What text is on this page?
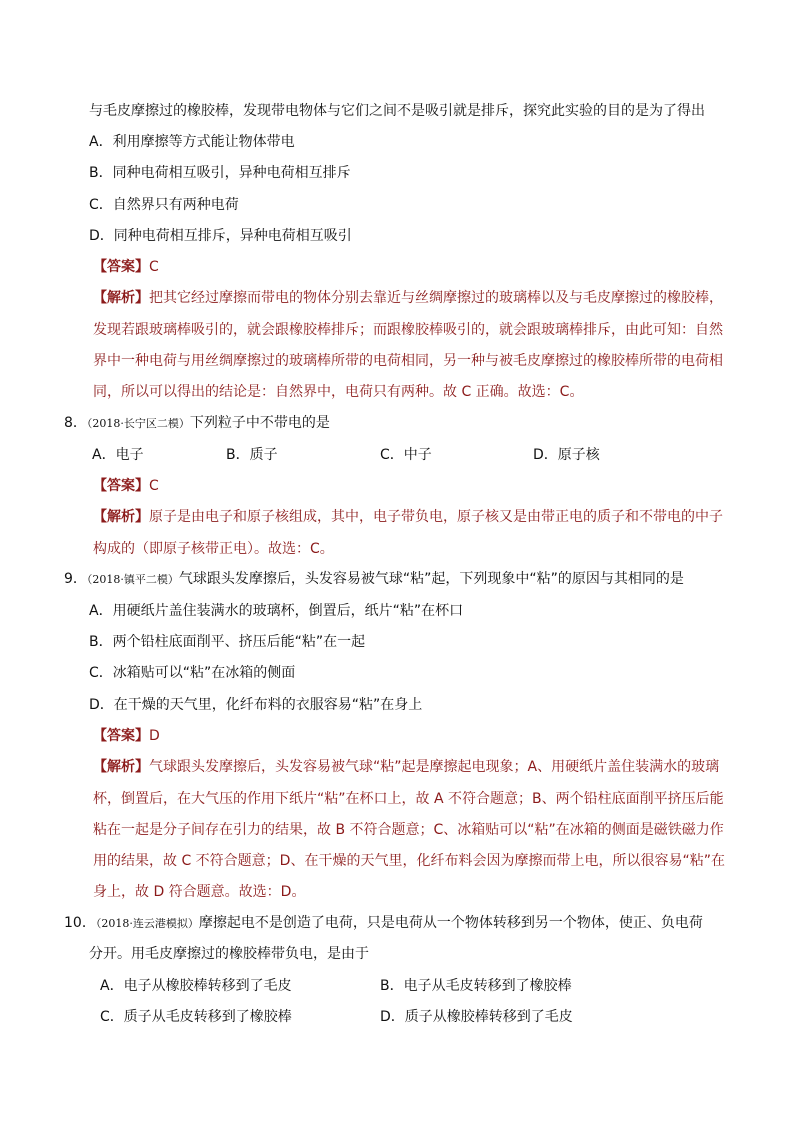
与毛皮摩擦过的橡胶棒，发现带电物体与它们之间不是吸引就是排斥，探究此实验的目的是为了得出
A．利用摩擦等方式能让物体带电
B．同种电荷相互吸引，异种电荷相互排斥
C．自然界只有两种电荷
D．同种电荷相互排斥，异种电荷相互吸引
【答案】C
【解析】把其它经过摩擦而带电的物体分别去靠近与丝绸摩擦过的玻璃棒以及与毛皮摩擦过的橡胶棒，
发现若跟玻璃棒吸引的，就会跟橡胶棒排斥；而跟橡胶棒吸引的，就会跟玻璃棒排斥，由此可知：自然
界中一种电荷与用丝绸摩擦过的玻璃棒所带的电荷相同，另一种与被毛皮摩擦过的橡胶棒所带的电荷相
同，所以可以得出的结论是：自然界中，电荷只有两种。故 C 正确。故选：C。
8．（2018·长宁区二模）下列粒子中不带电的是
A．电子	B．质子	C．中子	D．原子核
【答案】C
【解析】原子是由电子和原子核组成，其中，电子带负电，原子核又是由带正电的质子和不带电的中子
构成的（即原子核带正电）。故选：C。
9．（2018·镇平二模）气球跟头发摩擦后，头发容易被气球“粘”起，下列现象中“粘”的原因与其相同的是
A．用硬纸片盖住装满水的玻璃杯，倒置后，纸片“粘”在杯口
B．两个铅柱底面削平、挤压后能“粘”在一起
C．冰箱贴可以“粘”在冰箱的侧面
D．在干燥的天气里，化纤布料的衣服容易“粘”在身上
【答案】D
【解析】气球跟头发摩擦后，头发容易被气球“粘”起是摩擦起电现象；A、用硬纸片盖住装满水的玻璃
杯，倒置后，在大气压的作用下纸片“粘”在杯口上，故 A 不符合题意；B、两个铅柱底面削平挤压后能
粘在一起是分子间存在引力的结果，故 B 不符合题意；C、冰箱贴可以“粘”在冰箱的侧面是磁铁磁力作
用的结果，故 C 不符合题意；D、在干燥的天气里，化纤布料会因为摩擦而带上电，所以很容易“粘”在
身上，故 D 符合题意。故选：D。
10．（2018·连云港模拟）摩擦起电不是创造了电荷，只是电荷从一个物体转移到另一个物体，使正、负电荷
分开。用毛皮摩擦过的橡胶棒带负电，是由于
A．电子从橡胶棒转移到了毛皮	B．电子从毛皮转移到了橡胶棒
C．质子从毛皮转移到了橡胶棒	D．质子从橡胶棒转移到了毛皮
